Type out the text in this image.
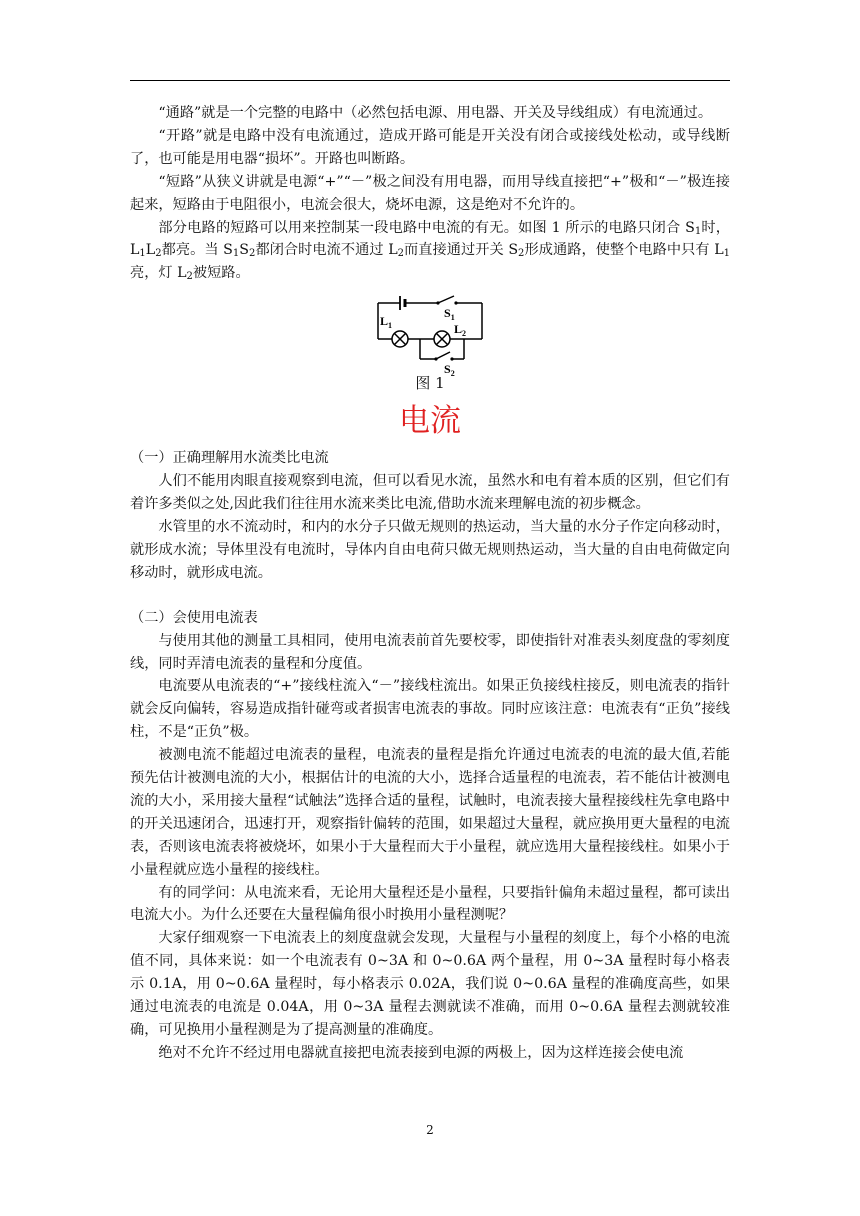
“通路”就是一个完整的电路中（必然包括电源、用电器、开关及导线组成）有电流通过。

“开路”就是电路中没有电流通过，造成开路可能是开关没有闭合或接线处松动，或导线断了，也可能是用电器“损坏”。开路也叫断路。

“短路”从狭义讲就是电源“+”“－”极之间没有用电器，而用导线直接把“+”极和“－”极连接起来，短路由于电阻很小，电流会很大，烧坏电源，这是绝对不允许的。

部分电路的短路可以用来控制某一段电路中电流的有无。如图 1 所示的电路只闭合 $S_1$时，$L_1L_2$都亮。当 $S_1S_2$都闭合时电流不通过 $L_2$而直接通过开关 $S_2$形成通路，使整个电路中只有 $L_1$亮，灯 $L_2$被短路。

$S_1$
$L_1$	$L_2$
$S_2$
图 1
电流
（一）正确理解用水流类比电流

人们不能用肉眼直接观察到电流，但可以看见水流，虽然水和电有着本质的区别，但它们有着许多类似之处,因此我们往往用水流来类比电流,借助水流来理解电流的初步概念。

水管里的水不流动时，和内的水分子只做无规则的热运动，当大量的水分子作定向移动时，就形成水流；导体里没有电流时，导体内自由电荷只做无规则热运动，当大量的自由电荷做定向移动时，就形成电流。

（二）会使用电流表

与使用其他的测量工具相同，使用电流表前首先要校零，即使指针对准表头刻度盘的零刻度线，同时弄清电流表的量程和分度值。

电流要从电流表的“+”接线柱流入“－”接线柱流出。如果正负接线柱接反，则电流表的指针就会反向偏转，容易造成指针碰弯或者损害电流表的事故。同时应该注意：电流表有“正负”接线柱，不是“正负”极。

被测电流不能超过电流表的量程，电流表的量程是指允许通过电流表的电流的最大值,若能预先估计被测电流的大小，根据估计的电流的大小，选择合适量程的电流表，若不能估计被测电流的大小，采用接大量程“试触法”选择合适的量程，试触时，电流表接大量程接线柱先拿电路中的开关迅速闭合，迅速打开，观察指针偏转的范围，如果超过大量程，就应换用更大量程的电流表，否则该电流表将被烧坏，如果小于大量程而大于小量程，就应选用大量程接线柱。如果小于小量程就应选小量程的接线柱。

有的同学问：从电流来看，无论用大量程还是小量程，只要指针偏角未超过量程，都可读出电流大小。为什么还要在大量程偏角很小时换用小量程测呢？

大家仔细观察一下电流表上的刻度盘就会发现，大量程与小量程的刻度上，每个小格的电流值不同，具体来说：如一个电流表有 0~3A 和 0~0.6A 两个量程，用 0~3A 量程时每小格表示 0.1A，用 0~0.6A 量程时，每小格表示 0.02A，我们说 0~0.6A 量程的准确度高些，如果通过电流表的电流是 0.04A，用 0~3A 量程去测就读不准确，而用 0~0.6A 量程去测就较准确，可见换用小量程测是为了提高测量的准确度。

绝对不允许不经过用电器就直接把电流表接到电源的两极上，因为这样连接会使电流

2
